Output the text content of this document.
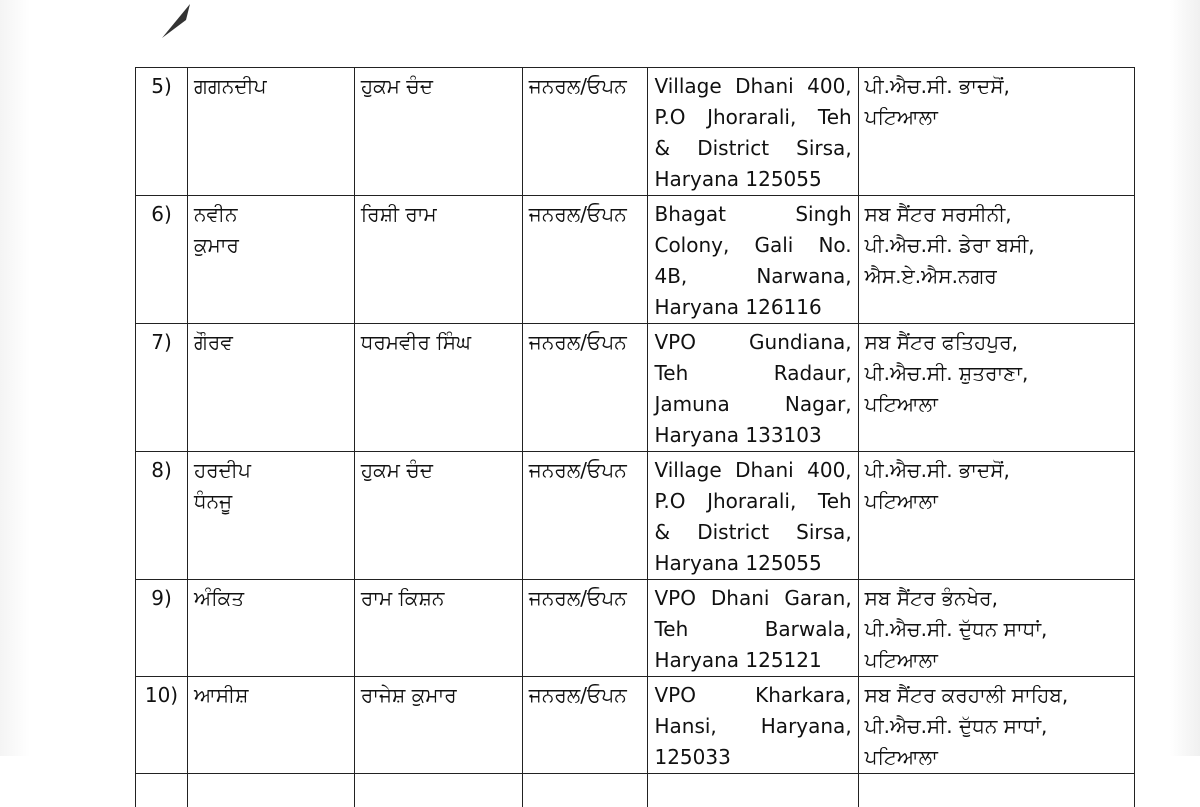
5)	ਗਗਨਦੀਪ	ਹੁਕਮ ਚੰਦ	ਜਨਰਲ/ਓਪਨ	Village Dhani 400,
P.O Jhorarali, Teh
& District Sirsa,
Haryana 125055	ਪੀ.ਐਚ.ਸੀ. ਭਾਦਸੋਂ,
ਪਟਿਆਲਾ

6)	ਨਵੀਨ
ਕੁਮਾਰ	ਰਿਸ਼ੀ ਰਾਮ	ਜਨਰਲ/ਓਪਨ	Bhagat Singh
Colony, Gali No.
4B, Narwana,
Haryana 126116	ਸਬ ਸੈਂਟਰ ਸਰਸੀਨੀ,
ਪੀ.ਐਚ.ਸੀ. ਡੇਰਾ ਬਸੀ,
ਐਸ.ਏ.ਐਸ.ਨਗਰ

7)	ਗੌਰਵ	ਧਰਮਵੀਰ ਸਿੰਘ	ਜਨਰਲ/ਓਪਨ	VPO Gundiana,
Teh Radaur,
Jamuna Nagar,
Haryana 133103	ਸਬ ਸੈਂਟਰ ਫਤਿਹਪੁਰ,
ਪੀ.ਐਚ.ਸੀ. ਸ਼ੁਤਰਾਣਾ,
ਪਟਿਆਲਾ

8)	ਹਰਦੀਪ
ਧੰਨਜੂ	ਹੁਕਮ ਚੰਦ	ਜਨਰਲ/ਓਪਨ	Village Dhani 400,
P.O Jhorarali, Teh
& District Sirsa,
Haryana 125055	ਪੀ.ਐਚ.ਸੀ. ਭਾਦਸੋਂ,
ਪਟਿਆਲਾ

9)	ਅੰਕਿਤ	ਰਾਮ ਕਿਸ਼ਨ	ਜਨਰਲ/ਓਪਨ	VPO Dhani Garan,
Teh Barwala,
Haryana 125121	ਸਬ ਸੈਂਟਰ ਭੰਨਖੇਰ,
ਪੀ.ਐਚ.ਸੀ. ਦੁੱਧਨ ਸਾਧਾਂ,
ਪਟਿਆਲਾ

10)	ਆਸੀਸ਼	ਰਾਜੇਸ਼ ਕੁਮਾਰ	ਜਨਰਲ/ਓਪਨ	VPO Kharkara,
Hansi, Haryana,
125033	ਸਬ ਸੈਂਟਰ ਕਰਹਾਲੀ ਸਾਹਿਬ,
ਪੀ.ਐਚ.ਸੀ. ਦੁੱਧਨ ਸਾਧਾਂ,
ਪਟਿਆਲਾ
